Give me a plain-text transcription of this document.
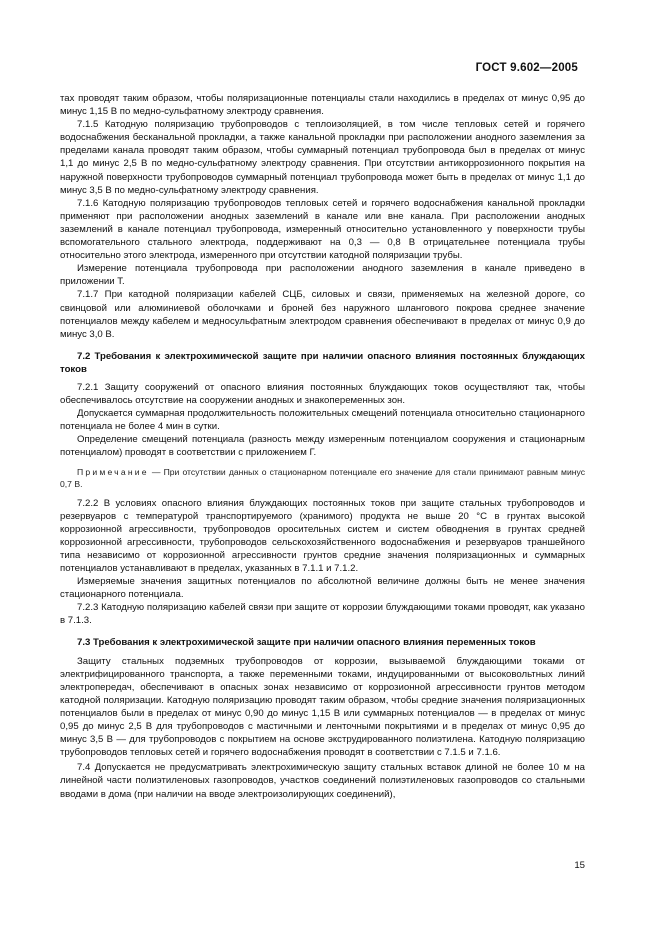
ГОСТ 9.602—2005

тах проводят таким образом, чтобы поляризационные потенциалы стали находились в пределах от минус 0,95 до минус 1,15 В по медно-сульфатному электроду сравнения.

7.1.5 Катодную поляризацию трубопроводов с теплоизоляцией, в том числе тепловых сетей и горячего водоснабжения бесканальной прокладки, а также канальной прокладки при расположении анодного заземления за пределами канала проводят таким образом, чтобы суммарный потенциал трубопровода был в пределах от минус 1,1 до минус 2,5 В по медно-сульфатному электроду сравнения. При отсутствии антикоррозионного покрытия на наружной поверхности трубопроводов суммарный потенциал трубопровода может быть в пределах от минус 1,1 до минус 3,5 В по медно-сульфатному электроду сравнения.

7.1.6 Катодную поляризацию трубопроводов тепловых сетей и горячего водоснабжения канальной прокладки применяют при расположении анодных заземлений в канале или вне канала. При расположении анодных заземлений в канале потенциал трубопровода, измеренный относительно установленного у поверхности трубы вспомогательного стального электрода, поддерживают на 0,3 — 0,8 В отрицательнее потенциала трубы относительно этого электрода, измеренного при отсутствии катодной поляризации трубы.

Измерение потенциала трубопровода при расположении анодного заземления в канале приведено в приложении Т.

7.1.7 При катодной поляризации кабелей СЦБ, силовых и связи, применяемых на железной дороге, со свинцовой или алюминиевой оболочками и броней без наружного шлангового покрова среднее значение потенциалов между кабелем и медносульфатным электродом сравнения обеспечивают в пределах от минус 0,9 до минус 3,0 В.

7.2 Требования к электрохимической защите при наличии опасного влияния постоянных блуждающих токов

7.2.1 Защиту сооружений от опасного влияния постоянных блуждающих токов осуществляют так, чтобы обеспечивалось отсутствие на сооружении анодных и знакопеременных зон.

Допускается суммарная продолжительность положительных смещений потенциала относительно стационарного потенциала не более 4 мин в сутки.

Определение смещений потенциала (разность между измеренным потенциалом сооружения и стационарным потенциалом) проводят в соответствии с приложением Г.

Примечание — При отсутствии данных о стационарном потенциале его значение для стали принимают равным минус 0,7 В.

7.2.2 В условиях опасного влияния блуждающих постоянных токов при защите стальных трубопроводов и резервуаров с температурой транспортируемого (хранимого) продукта не выше 20 °С в грунтах высокой коррозионной агрессивности, трубопроводов оросительных систем и систем обводнения в грунтах средней коррозионной агрессивности, трубопроводов сельскохозяйственного водоснабжения и резервуаров траншейного типа независимо от коррозионной агрессивности грунтов средние значения поляризационных и суммарных потенциалов устанавливают в пределах, указанных в 7.1.1 и 7.1.2.

Измеряемые значения защитных потенциалов по абсолютной величине должны быть не менее значения стационарного потенциала.

7.2.3 Катодную поляризацию кабелей связи при защите от коррозии блуждающими токами проводят, как указано в 7.1.3.

7.3 Требования к электрохимической защите при наличии опасного влияния переменных токов

Защиту стальных подземных трубопроводов от коррозии, вызываемой блуждающими токами от электрифицированного транспорта, а также переменными токами, индуцированными от высоковольтных линий электропередач, обеспечивают в опасных зонах независимо от коррозионной агрессивности грунтов методом катодной поляризации. Катодную поляризацию проводят таким образом, чтобы средние значения поляризационных потенциалов были в пределах от минус 0,90 до минус 1,15 В или суммарных потенциалов — в пределах от минус 0,95 до минус 2,5 В для трубопроводов с мастичными и ленточными покрытиями и в пределах от минус 0,95 до минус 3,5 В — для трубопроводов с покрытием на основе экструдированного полиэтилена. Катодную поляризацию трубопроводов тепловых сетей и горячего водоснабжения проводят в соответствии с 7.1.5 и 7.1.6.

7.4 Допускается не предусматривать электрохимическую защиту стальных вставок длиной не более 10 м на линейной части полиэтиленовых газопроводов, участков соединений полиэтиленовых газопроводов со стальными вводами в дома (при наличии на вводе электроизолирующих соединений),

15
